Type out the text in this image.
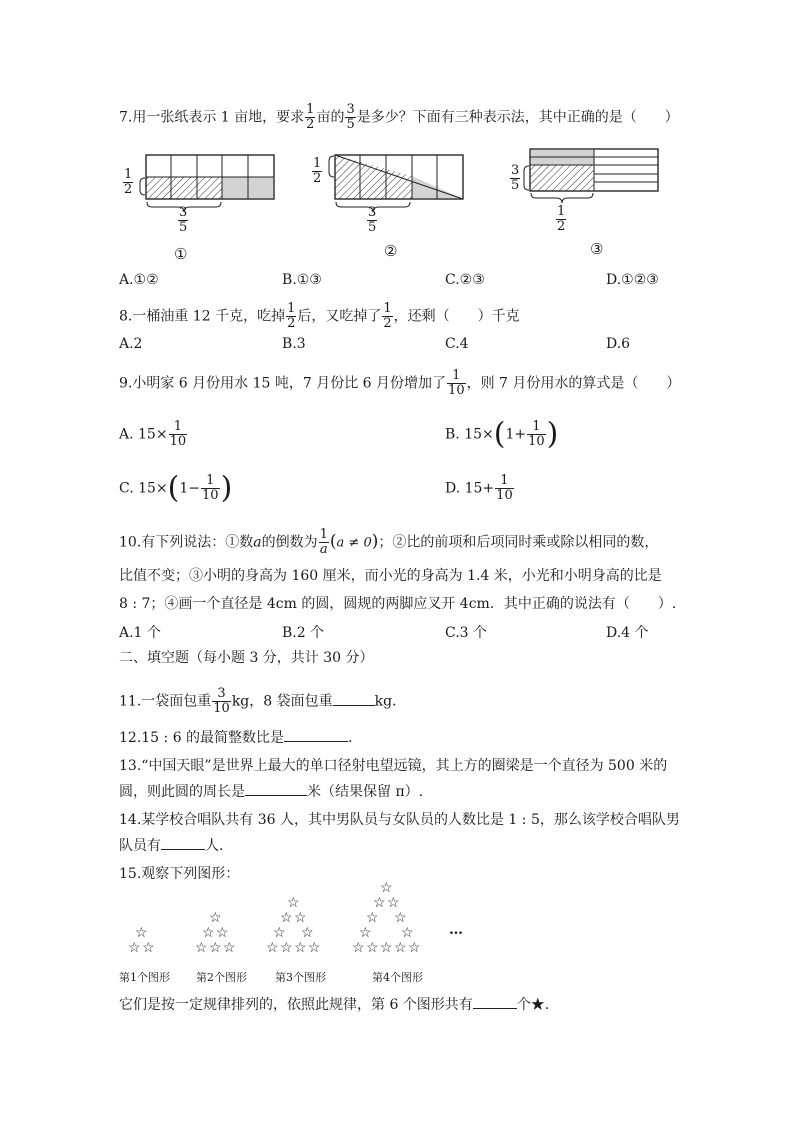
7.用一张纸表示 1 亩地，要求 $\frac{1}{2}$ 亩的 $\frac{3}{5}$ 是多少？下面有三种表示法，其中正确的是（　　）
$\frac{1}{2}$
$\frac{3}{5}$
①
$\frac{1}{2}$
$\frac{3}{5}$
②
$\frac{3}{5}$
$\frac{1}{2}$
③
A.①②	B.①③	C.②③	D.①②③
8.一桶油重 12 千克，吃掉 $\frac{1}{2}$ 后，又吃掉了 $\frac{1}{2}$ ，还剩（　　）千克
A.2	B.3	C.4	D.6
9.小明家 6 月份用水 15 吨，7 月份比 6 月份增加了 $\frac{1}{10}$ ，则 7 月份用水的算式是（　　）
A. $15\times \frac{1}{10}$	B. $15\times(1+ \frac{1}{10}$ )
C. $15\times(1- \frac{1}{10}$ )	D. $15+ \frac{1}{10}$
10.有下列说法：①数a的倒数为 $\frac{1}{a} (a \ne 0)$；②比的前项和后项同时乘或除以相同的数，
比值不变；③小明的身高为 160 厘米，而小光的身高为 1.4 米，小光和小明身高的比是
8 : 7；④画一个直径是 4cm 的圆，圆规的两脚应叉开 4cm．其中正确的说法有（　　）.
A.1 个	B.2 个	C.3 个	D.4 个
二、填空题（每小题 3 分，共计 30 分）
11.一袋面包重 $\frac{3}{10}$ kg，8 袋面包重	kg．
12.15 : 6 的最简整数比是	．
13.“中国天眼”是世界上最大的单口径射电望远镜，其上方的圈梁是一个直径为 500 米的
圆，则此圆的周长是	米（结果保留 π）.
14.某学校合唱队共有 36 人，其中男队员与女队员的人数比是 1 : 5，那么该学校合唱队男
队员有	人．
15.观察下列图形：
☆
☆ ☆
☆
☆ ☆
☆ ☆ ☆
☆
☆ ☆
☆ ☆
☆ ☆ ☆ ☆
☆
☆ ☆
☆ ☆
☆ ☆
☆ ☆ ☆ ☆ ☆
…
第1个图形 第2个图形	第3个图形	第4个图形
它们是按一定规律排列的，依照此规律，第 6 个图形共有	个★.
